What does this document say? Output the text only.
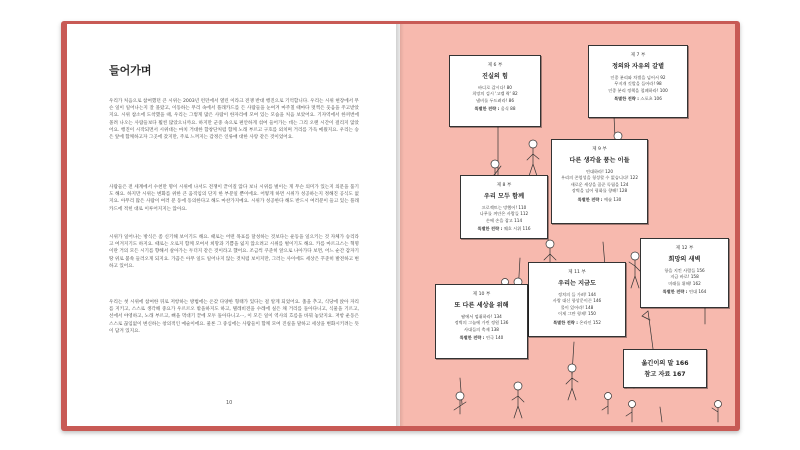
들어가며

우리가 처음으로 참여했던 큰 시위는 2003년 런던에서 열린 이라크 전쟁 반대 행진으로 기억합니다. 우리는 시위 현장에서 무슨 일이 일어나는지 잘 몰랐고, 이동하는 무리 속에서 플래카드를 든 사람들을 눈여겨 마주칠 때마다 멋쩍은 웃음을 주고받았지요. 시위 참소에 도착했을 때, 우리는 그렇게 많은 사람이 한자리에 모여 있는 모습을 처음 보았어요. 기자역에서 한꺼번에 몰려 나오는 사람들보다 훨씬 많았으니까요. 하지만 군중 속으로 편안하게 섞여 들어가는 데는 그리 오랜 시간이 걸리지 않았어요. 행진이 시작되면서 시위대는 마치 거대한 합창단처럼 함께 노래 부르고 구호를 외치며 거리를 가득 메웠지요. 우리는 승은 앞에 함께하고자 그곳에 갔지만, 주로 느껴지는 감정은 인류애 대한 사랑 같은 것이었어요.

사람들은 전 세계에서 수천만 명이 시위에 나서도 전쟁이 끝이질 않다 보니 시위를 벌이는 게 무슨 의미가 있는지 의문을 품기도 해요. 하지만 시위는 변화를 위한 큰 움직임의 단지 한 부분일 뿐이에요. 어떻게 하면 시위가 성공하는지 정해진 공식도 없지요. 아무리 많은 사람이 여러 분 동에 동의한다고 해도 마찬가지예요. 시위가 성공한다 해도 반드시 여러분이 들고 있는 플래카드에 적힌 대로 이루어지지는 않아요.

시위가 일어나는 방식은 좀 신기해 보이기도 해요. 때로는 어떤 목표를 달성하는 것보다는 운동을 일으키는 것 자체가 승리라고 여겨지기도 하지요. 때로는 오로지 함께 모여서 희망과 기쁨을 잃지 않으려고 시위를 벌이기도 해요. 카를 마르크스는 혁명이란 거의 모든 시기를 향해서 살아가는 두더지 같은 것이라고 했어요. 조금씩 쿠준히 앞으로 나아가다 보면, 어느 순간 갑자기 땅 위로 불쑥 들러오게 되지요. 가끔은 아무 일도 일어나지 않는 것처럼 보이지만, 그러는 사이에도 세상은 꾸준히 발전하고 변하고 있어요.

우리는 첫 시위에 참여한 뒤로 저항하는 방법에는 온갖 다양한 형태가 있다는 걸 알게 되었어요. 춤을 추고, 식당에 앉아 자리를 지키고, 스스로 생각해 중요가 우르르오 밖을하지도 하고, 텔레비전을 수레에 실은 채 거리를 돌아다니고, 식물을 기르고, 선에서 야영하고, 노래 부르고, 뼈을 먹대기 끝에 모두 돌아다니고⋯, 이 모든 일이 역사의 흐름을 바꿔 놓았지요. 저항 운동은 스스로 끊임없이 변신하는 창의적인 예술이에요. 물론 그 중심에는 사람들이 함께 모여 진실을 말하고 세상을 변화시키려는 뜻이 담겨 있지요.

10
제 6 부
진실의 힘
바디로 갑시다! 80
희망의 검시 '고렙 락' 82
냄비를 두드려라! 86
특별한 전략 : 음식 88
제 7 부
정의와 자유의 갈볕
인종 분리와 차별을 넘어서 92
무지개 깃발을 들어라! 98
인종 분리 정책을 철폐하라! 100
특별한 전략 : 스포츠 106
제 9 부
다른 생각을 품는 이들
연대하라! 120
우리의 존엄성을 청성할 수 없습니다! 122
새로운 세상을 꿈꾼 독립을 124
장벽을 넘어 평화를 향해! 128
특별한 전략 : 예술 130
제 8 부
우리 모두 함께
프로젝트는 망했어! 110
나무를 껴안은 사람들 112
손에 손을 잡고 114
특별한 전략 : 퀘흐 시위 116
제 12 부
희망의 새벽
항을 지킨 사람들 156
지금 바로! 158
미래를 위해! 162
특별한 전략 : 연대 164
제 11 부
우리는 지금도
정치의 들 가려! 144
사랑 대신 항상문이끈 146
물이 있어라! 148
이제 그만 형제! 150
특별한 전략 : 온라인 152
제 10 부
또 다른 세상을 위해
팜에서 멈춰하라! 134
정벽의 그늘에 가린 정원 136
사대들의 축제 138
특별한 전략 : 연극 140
옮긴이의 말 166
참고 자료 167
